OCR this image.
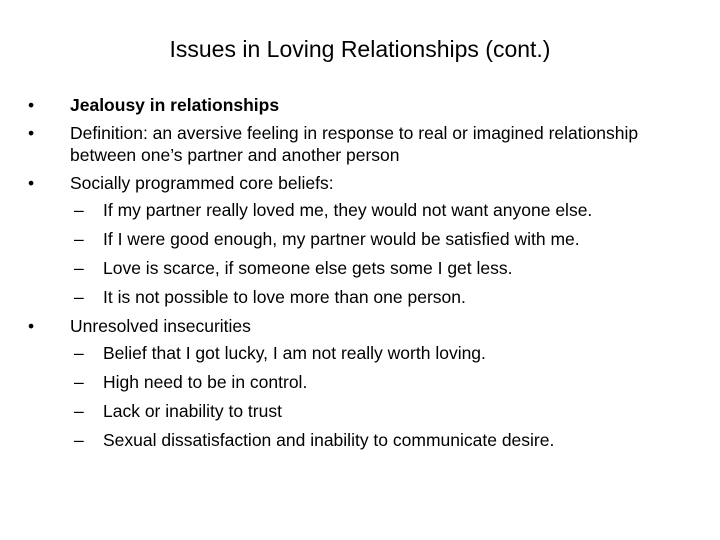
Issues in Loving Relationships (cont.)
•	Jealousy in relationships
•	Definition: an aversive feeling in response to real or imagined relationship between one’s partner and another person
•	Socially programmed core beliefs:
– If my partner really loved me, they would not want anyone else.
– If I were good enough, my partner would be satisfied with me.
– Love is scarce, if someone else gets some I get less.
– It is not possible to love more than one person.
•	Unresolved insecurities
– Belief that I got lucky, I am not really worth loving.
– High need to be in control.
– Lack or inability to trust
– Sexual dissatisfaction and inability to communicate desire.
